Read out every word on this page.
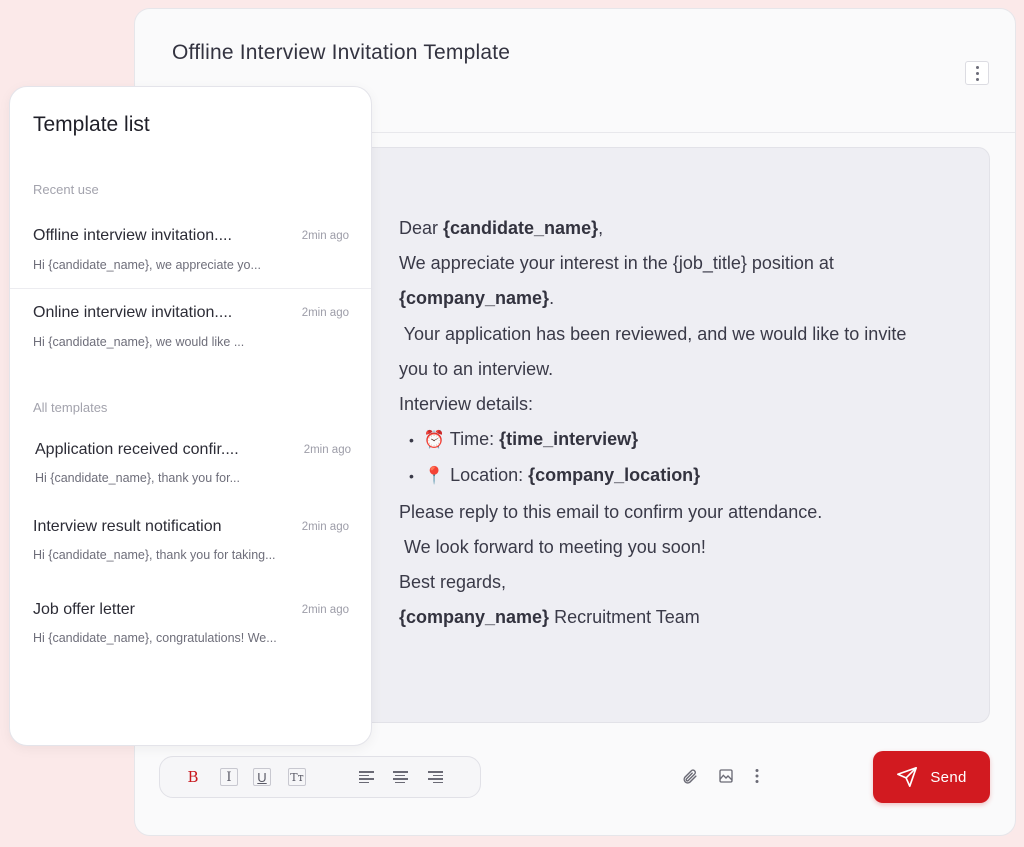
Offline Interview Invitation Template
Dear {candidate_name},
We appreciate your interest in the {job_title} position at
{company_name}.
Your application has been reviewed, and we would like to invite
you to an interview.
Interview details:
• ⏰ Time: {time_interview}
• 📍 Location: {company_location}
Please reply to this email to confirm your attendance.
We look forward to meeting you soon!
Best regards,
{company_name} Recruitment Team
B	I	U	Tт	Send
Template list
Recent use
Offline interview invitation....	2min ago
Hi {candidate_name}, we appreciate yo...
Online interview invitation....	2min ago
Hi {candidate_name}, we would like ...
All templates
Application received confir....	2min ago
Hi {candidate_name}, thank you for...
Interview result notification	2min ago
Hi {candidate_name}, thank you for taking...
Job offer letter	2min ago
Hi {candidate_name}, congratulations! We...
